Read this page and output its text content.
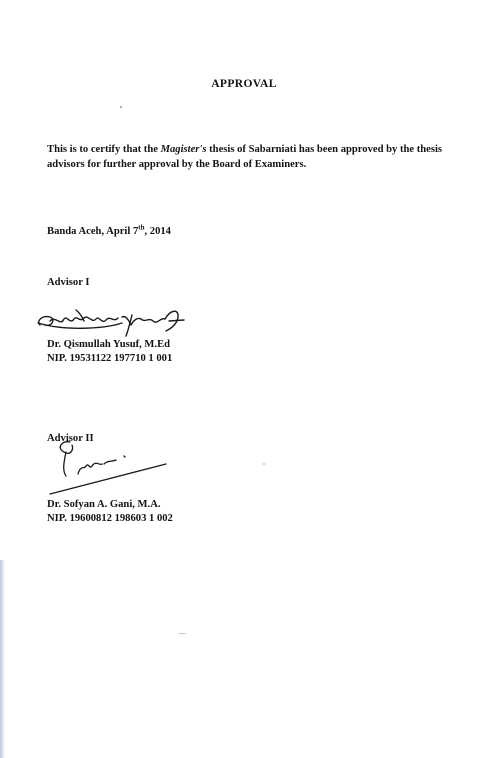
APPROVAL
This is to certify that the Magister's thesis of Sabarniati has been approved by the thesis advisors for further approval by the Board of Examiners.
Banda Aceh, April 7th, 2014
Advisor I
Dr. Qismullah Yusuf, M.Ed
NIP. 19531122 197710 1 001
Advisor II
Dr. Sofyan A. Gani, M.A.
NIP. 19600812 198603 1 002
